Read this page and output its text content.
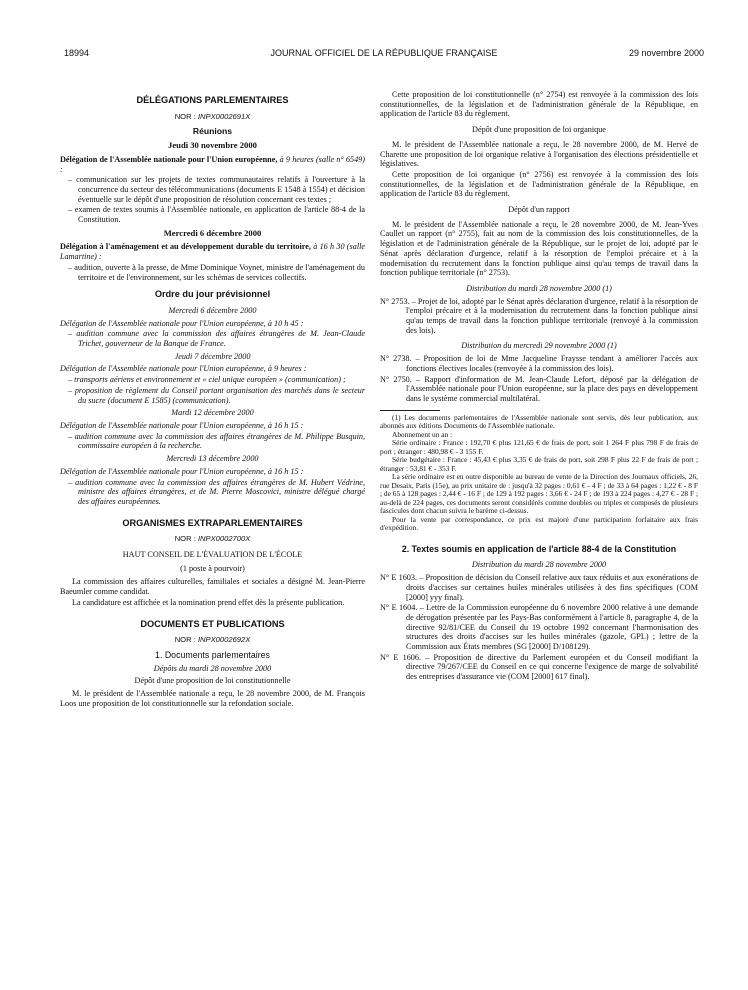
18994	JOURNAL OFFICIEL DE LA RÉPUBLIQUE FRANÇAISE	29 novembre 2000
DÉLÉGATIONS PARLEMENTAIRES
NOR : INPX0002691X
Réunions
Jeudi 30 novembre 2000

Délégation de l'Assemblée nationale pour l'Union européenne, à 9 heures (salle n° 6549) :

– communication sur les projets de textes communautaires relatifs à l'ouverture à la concurrence du secteur des télécommunications (documents E 1548 à 1554) et décision éventuelle sur le dépôt d'une proposition de résolution concernant ces textes ;

– examen de textes soumis à l'Assemblée nationale, en application de l'article 88-4 de la Constitution.

Mercredi 6 décembre 2000

Délégation à l'aménagement et au développement durable du territoire, à 16 h 30 (salle Lamartine) :

– audition, ouverte à la presse, de Mme Dominique Voynet, ministre de l'aménagement du territoire et de l'environnement, sur les schémas de services collectifs.

Ordre du jour prévisionnel
Mercredi 6 décembre 2000

Délégation de l'Assemblée nationale pour l'Union européenne, à 10 h 45 :

– audition commune avec la commission des affaires étrangères de M. Jean-Claude Trichet, gouverneur de la Banque de France.

Jeudi 7 décembre 2000

Délégation de l'Assemblée nationale pour l'Union européenne, à 9 heures :

– transports aériens et environnement et « ciel unique européen » (communication) ;

– proposition de règlement du Conseil portant organisation des marchés dans le secteur du sucre (document E 1585) (communication).

Mardi 12 décembre 2000

Délégation de l'Assemblée nationale pour l'Union européenne, à 16 h 15 :

– audition commune avec la commission des affaires étrangères de M. Philippe Busquin, commissaire européen à la recherche.

Mercredi 13 décembre 2000

Délégation de l'Assemblée nationale pour l'Union européenne, à 16 h 15 :

– audition commune avec la commission des affaires étrangères de M. Hubert Védrine, ministre des affaires étrangères, et de M. Pierre Moscovici, ministre délégué chargé des affaires européennes.

ORGANISMES EXTRAPARLEMENTAIRES
NOR : INPX0002700X
HAUT CONSEIL DE L'ÉVALUATION DE L'ÉCOLE
(1 poste à pourvoir)

La commission des affaires culturelles, familiales et sociales a désigné M. Jean-Pierre Baeumler comme candidat.

La candidature est affichée et la nomination prend effet dès la présente publication.

DOCUMENTS ET PUBLICATIONS
NOR : INPX0002692X
1. Documents parlementaires
Dépôts du mardi 28 novembre 2000
Dépôt d'une proposition de loi constitutionnelle

M. le président de l'Assemblée nationale a reçu, le 28 novembre 2000, de M. François Loos une proposition de loi constitutionnelle sur la refondation sociale.

Cette proposition de loi constitutionnelle (n° 2754) est renvoyée à la commission des lois constitutionnelles, de la législation et de l'administration générale de la République, en application de l'article 83 du règlement.

Dépôt d'une proposition de loi organique

M. le président de l'Assemblée nationale a reçu, le 28 novembre 2000, de M. Hervé de Charette une proposition de loi organique relative à l'organisation des élections présidentielle et législatives.

Cette proposition de loi organique (n° 2756) est renvoyée à la commission des lois constitutionnelles, de la législation et de l'administration générale de la République, en application de l'article 83 du règlement.

Dépôt d'un rapport

M. le président de l'Assemblée nationale a reçu, le 28 novembre 2000, de M. Jean-Yves Caullet un rapport (n° 2755), fait au nom de la commission des lois constitutionnelles, de la législation et de l'administration générale de la République, sur le projet de loi, adopté par le Sénat après déclaration d'urgence, relatif à la résorption de l'emploi précaire et à la modernisation du recrutement dans la fonction publique ainsi qu'au temps de travail dans la fonction publique territoriale (n° 2753).

Distribution du mardi 28 novembre 2000 (1)

N° 2753. – Projet de loi, adopté par le Sénat après déclaration d'urgence, relatif à la résorption de l'emploi précaire et à la modernisation du recrutement dans la fonction publique ainsi qu'au temps de travail dans la fonction publique territoriale (renvoyé à la commission des lois).

Distribution du mercredi 29 novembre 2000 (1)

N° 2738. – Proposition de loi de Mme Jacqueline Fraysse tendant à améliorer l'accès aux fonctions électives locales (renvoyée à la commission des lois).

N° 2750. – Rapport d'information de M. Jean-Claude Lefort, déposé par la délégation de l'Assemblée nationale pour l'Union européenne, sur la place des pays en développement dans le système commercial multilatéral.

(1) Les documents parlementaires de l'Assemblée nationale sont servis, dès leur publication, aux abonnés aux éditions Documents de l'Assemblée nationale.

Abonnement un an :

Série ordinaire : France : 192,70 € plus 121,65 € de frais de port, soit 1 264 F plus 798 F de frais de port ; étranger : 480,98 € - 3 155 F.

Série budgétaire : France : 45,43 € plus 3,35 € de frais de port, soit 298 F plus 22 F de frais de port ; étranger : 53,81 € - 353 F.

La série ordinaire est en outre disponible au bureau de vente de la Direction des Journaux officiels, 26, rue Desaix, Paris (15e), au prix unitaire de : jusqu'à 32 pages : 0,61 € - 4 F ; de 33 à 64 pages : 1,22 € - 8 F ; de 65 à 128 pages : 2,44 € - 16 F ; de 129 à 192 pages : 3,66 € - 24 F ; de 193 à 224 pages : 4,27 € - 28 F ; au-delà de 224 pages, ces documents seront considérés comme doubles ou triples et composés de plusieurs fascicules dont chacun suivra le barème ci-dessus.

Pour la vente par correspondance, ce prix est majoré d'une participation forfaitaire aux frais d'expédition.

2. Textes soumis en application de l'article 88-4 de la Constitution
Distribution du mardi 28 novembre 2000

N° E 1603. – Proposition de décision du Conseil relative aux taux réduits et aux exonérations de droits d'accises sur certaines huiles minérales utilisées à des fins spécifiques (COM [2000] yyy final).

N° E 1604. – Lettre de la Commission européenne du 6 novembre 2000 relative à une demande de dérogation présentée par les Pays-Bas conformément à l'article 8, paragraphe 4, de la directive 92/81/CEE du Conseil du 19 octobre 1992 concernant l'harmonisation des structures des droits d'accises sur les huiles minérales (gazole, GPL) ; lettre de la Commission aux États membres (SG [2000] D/108129).

N° E 1606. – Proposition de directive du Parlement européen et du Conseil modifiant la directive 79/267/CEE du Conseil en ce qui concerne l'exigence de marge de solvabilité des entreprises d'assurance vie (COM [2000] 617 final).
